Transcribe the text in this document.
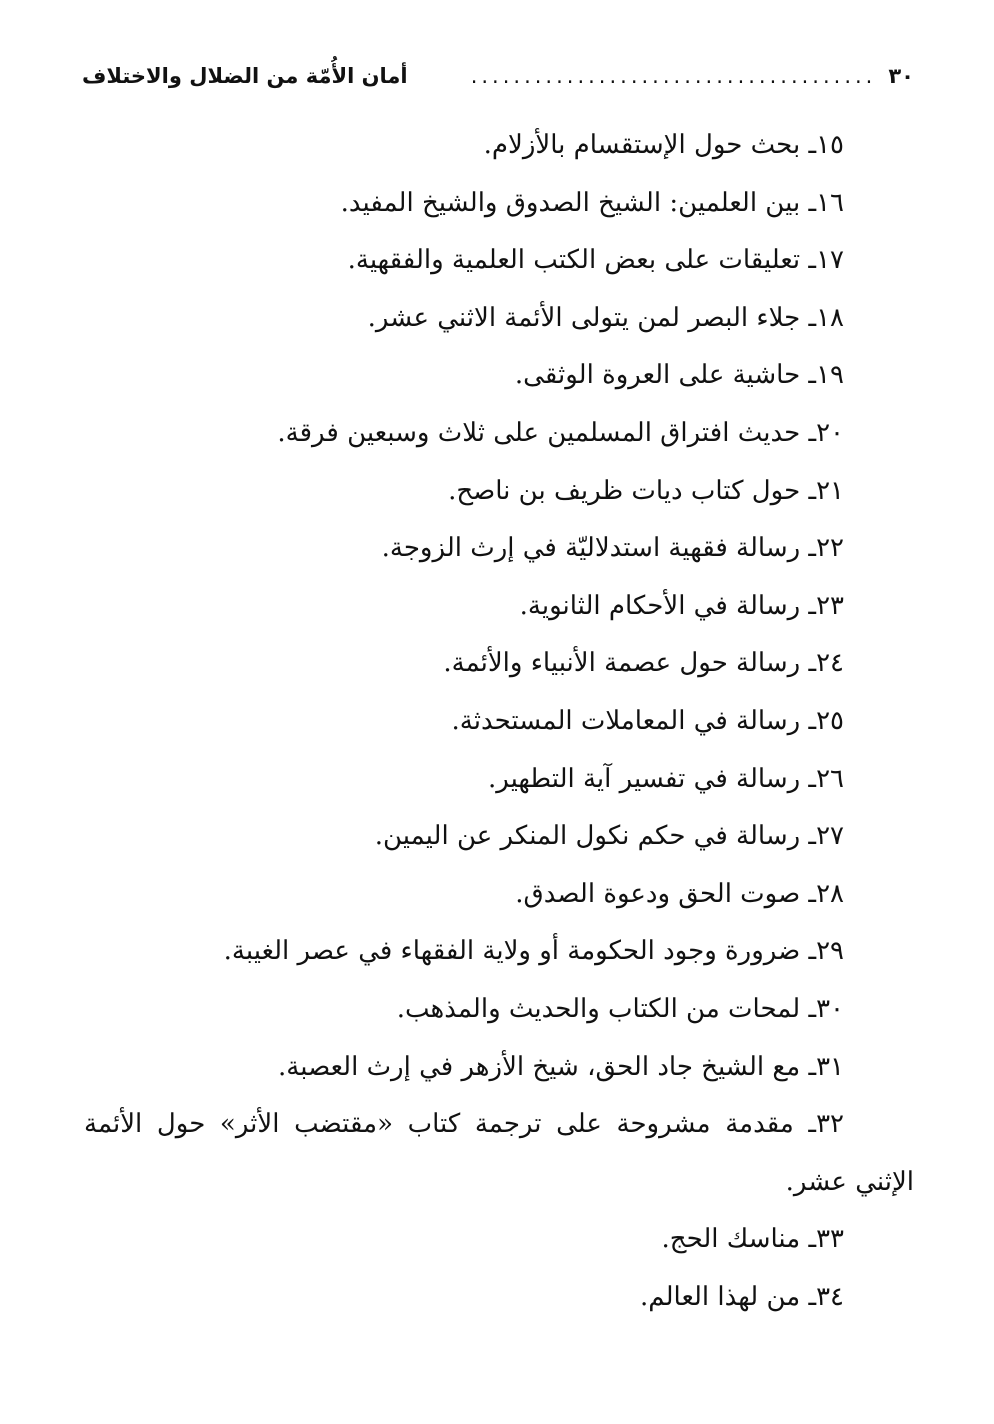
٣٠
......................................
أمان الأُمّة من الضلال والاختلاف
١٥ـ بحث حول الإستقسام بالأزلام.
١٦ـ بين العلمين: الشيخ الصدوق والشيخ المفيد.
١٧ـ تعليقات على بعض الكتب العلمية والفقهية.
١٨ـ جلاء البصر لمن يتولى الأئمة الاثني عشر.
١٩ـ حاشية على العروة الوثقى.
٢٠ـ حديث افتراق المسلمين على ثلاث وسبعين فرقة.
٢١ـ حول كتاب ديات ظريف بن ناصح.
٢٢ـ رسالة فقهية استدلاليّة في إرث الزوجة.
٢٣ـ رسالة في الأحكام الثانوية.
٢٤ـ رسالة حول عصمة الأنبياء والأئمة.
٢٥ـ رسالة في المعاملات المستحدثة.
٢٦ـ رسالة في تفسير آية التطهير.
٢٧ـ رسالة في حكم نكول المنكر عن اليمين.
٢٨ـ صوت الحق ودعوة الصدق.
٢٩ـ ضرورة وجود الحكومة أو ولاية الفقهاء في عصر الغيبة.
٣٠ـ لمحات من الكتاب والحديث والمذهب.
٣١ـ مع الشيخ جاد الحق، شيخ الأزهر في إرث العصبة.
٣٢ـ مقدمة مشروحة على ترجمة كتاب «مقتضب الأثر» حول الأئمة
الإثني عشر.
٣٣ـ مناسك الحج.
٣٤ـ من لهذا العالم.
